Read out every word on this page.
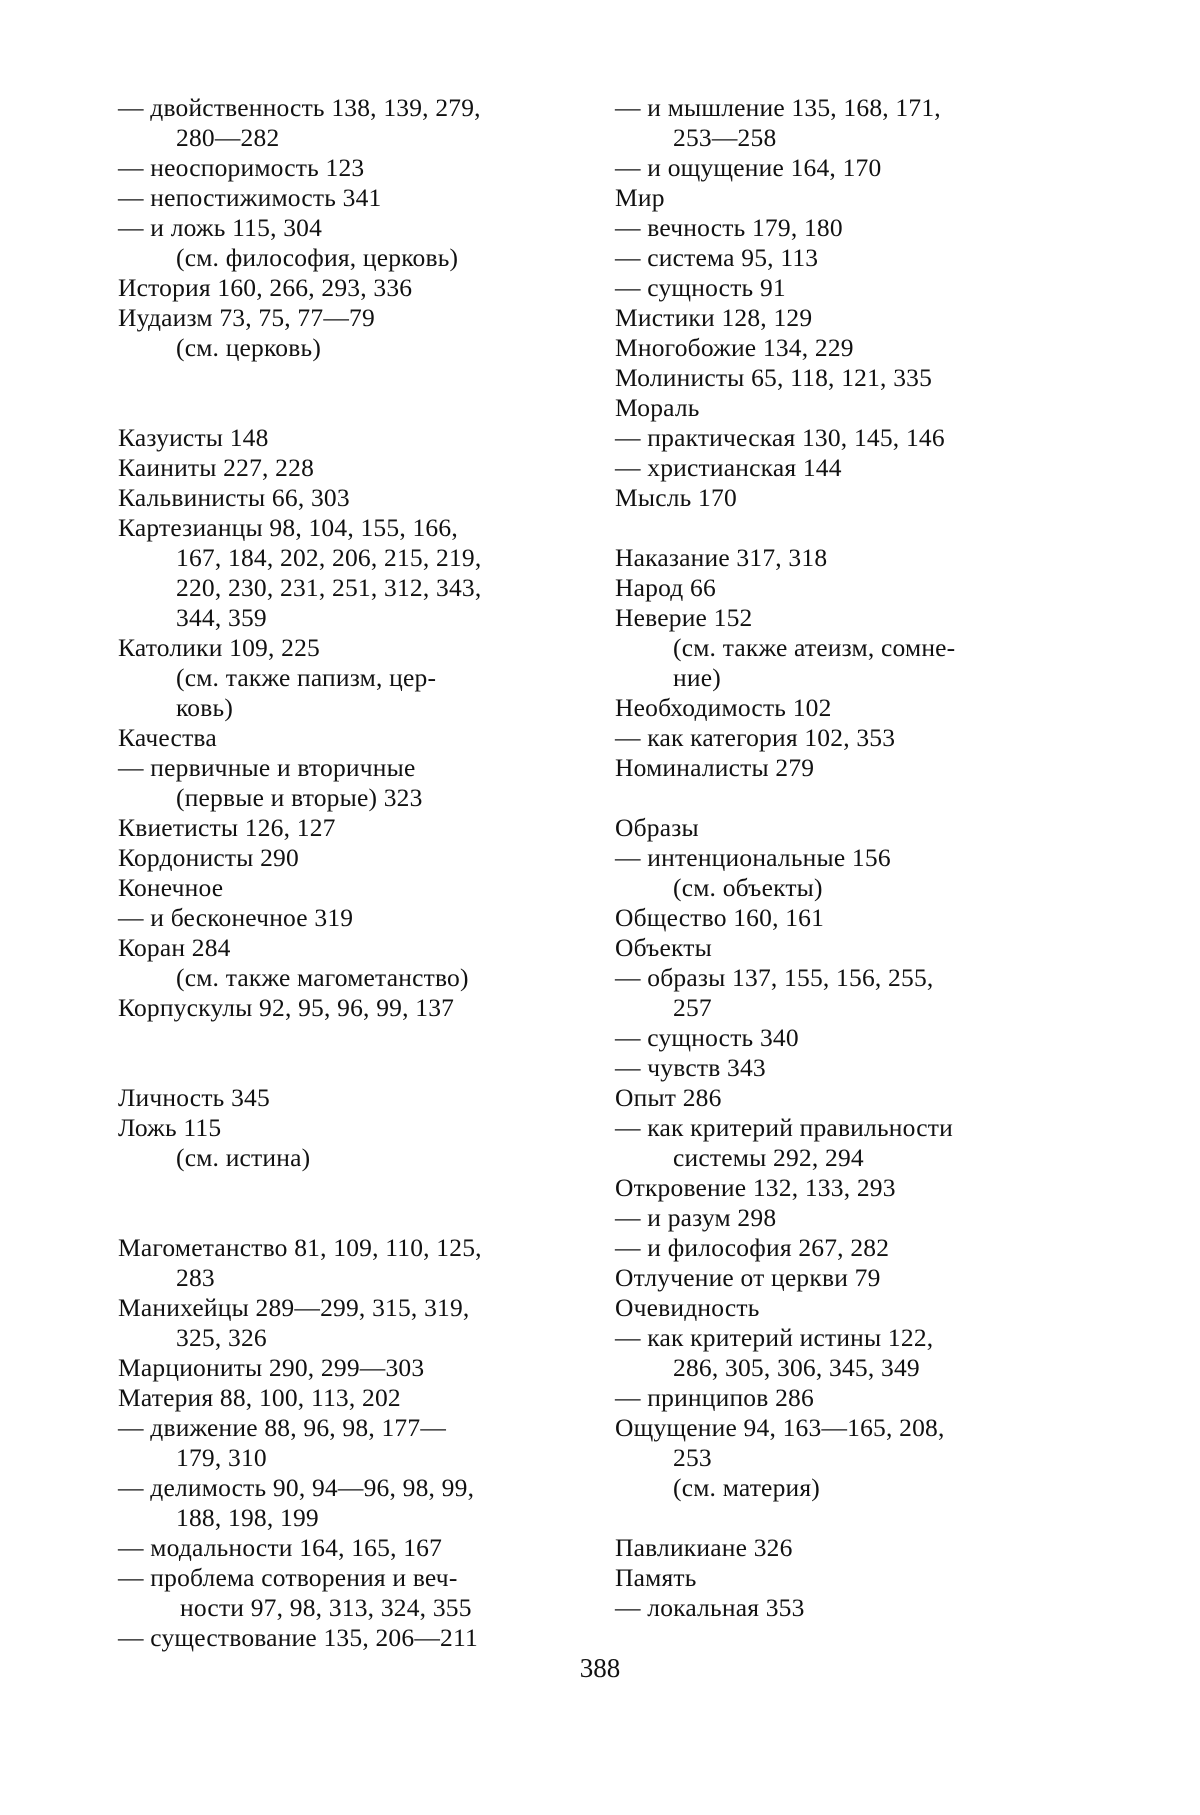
— двойственность 138, 139, 279,
280—282
— неоспоримость 123
— непостижимость 341
— и ложь 115, 304
(см. философия, церковь)
История 160, 266, 293, 336
Иудаизм 73, 75, 77—79
(см. церковь)
Казуисты 148
Каиниты 227, 228
Кальвинисты 66, 303
Картезианцы 98, 104, 155, 166,
167, 184, 202, 206, 215, 219,
220, 230, 231, 251, 312, 343,
344, 359
Католики 109, 225
(см. также папизм, цер-
ковь)
Качества
— первичные и вторичные
(первые и вторые) 323
Квиетисты 126, 127
Кордонисты 290
Конечное
— и бесконечное 319
Коран 284
(см. также магометанство)
Корпускулы 92, 95, 96, 99, 137
Личность 345
Ложь 115
(см. истина)
Магометанство 81, 109, 110, 125,
283
Манихейцы 289—299, 315, 319,
325, 326
Марциониты 290, 299—303
Материя 88, 100, 113, 202
— движение 88, 96, 98, 177—
179, 310
— делимость 90, 94—96, 98, 99,
188, 198, 199
— модальности 164, 165, 167
— проблема сотворения и веч-
ности 97, 98, 313, 324, 355
— существование 135, 206—211
— и мышление 135, 168, 171,
253—258
— и ощущение 164, 170
Мир
— вечность 179, 180
— система 95, 113
— сущность 91
Мистики 128, 129
Многобожие 134, 229
Молинисты 65, 118, 121, 335
Мораль
— практическая 130, 145, 146
— христианская 144
Мысль 170
Наказание 317, 318
Народ 66
Неверие 152
(см. также атеизм, сомне-
ние)
Необходимость 102
— как категория 102, 353
Номиналисты 279
Образы
— интенциональные 156
(см. объекты)
Общество 160, 161
Объекты
— образы 137, 155, 156, 255,
257
— сущность 340
— чувств 343
Опыт 286
— как критерий правильности
системы 292, 294
Откровение 132, 133, 293
— и разум 298
— и философия 267, 282
Отлучение от церкви 79
Очевидность
— как критерий истины 122,
286, 305, 306, 345, 349
— принципов 286
Ощущение 94, 163—165, 208,
253
(см. материя)
Павликиане 326
Память
— локальная 353
388
